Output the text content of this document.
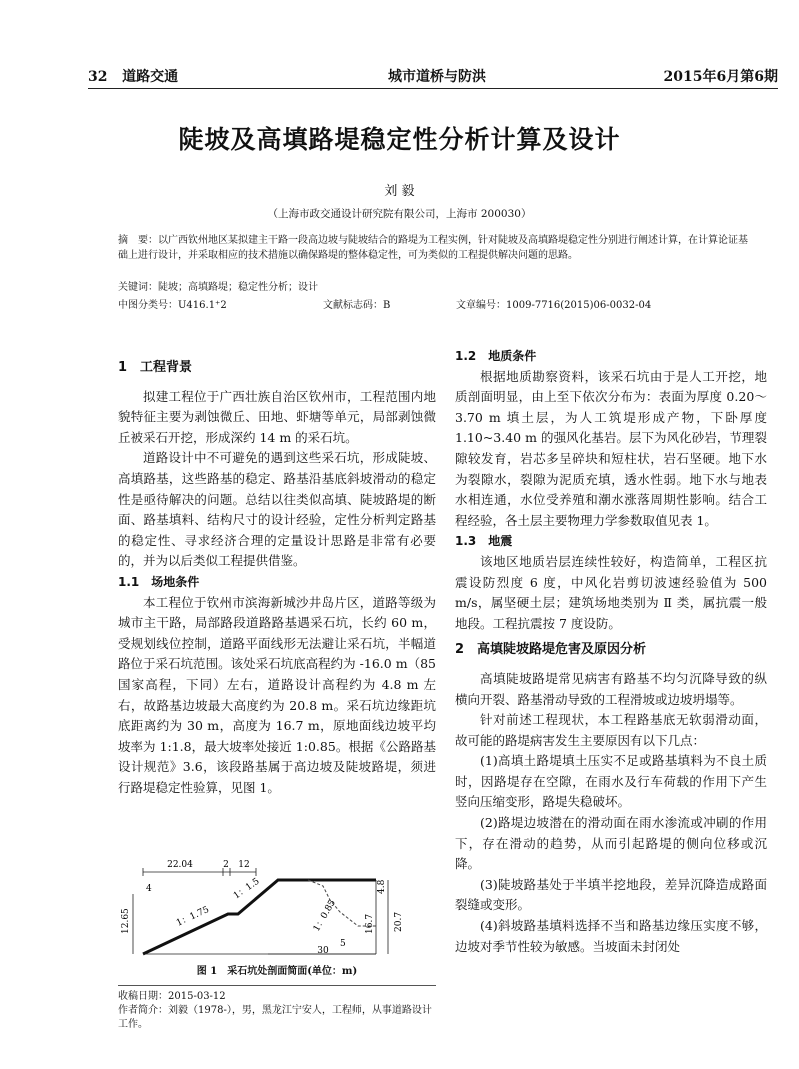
32 道路交通	城市道桥与防洪	2015年6月第6期
陡坡及高填路堤稳定性分析计算及设计
刘 毅
（上海市政交通设计研究院有限公司，上海市 200030）
摘　要：以广西钦州地区某拟建主干路一段高边坡与陡坡结合的路堤为工程实例，针对陡坡及高填路堤稳定性分别进行阐述计算，在计算论证基础上进行设计，并采取相应的技术措施以确保路堤的整体稳定性，可为类似的工程提供解决问题的思路。
关键词：陡坡；高填路堤；稳定性分析；设计
中图分类号：U416.1⁺2	文献标志码：B	文章编号：1009-7716(2015)06-0032-04
1　工程背景

拟建工程位于广西壮族自治区钦州市，工程范围内地貌特征主要为剥蚀微丘、田地、虾塘等单元，局部剥蚀微丘被采石开挖，形成深约 14 m 的采石坑。

道路设计中不可避免的遇到这些采石坑，形成陡坡、高填路基，这些路基的稳定、路基沿基底斜坡滑动的稳定性是亟待解决的问题。总结以往类似高填、陡坡路堤的断面、路基填料、结构尺寸的设计经验，定性分析判定路基的稳定性、寻求经济合理的定量设计思路是非常有必要的，并为以后类似工程提供借鉴。

1.1　场地条件

本工程位于钦州市滨海新城沙井岛片区，道路等级为城市主干路，局部路段道路路基遇采石坑，长约 60 m，受规划线位控制，道路平面线形无法避让采石坑，半幅道路位于采石坑范围。该处采石坑底高程约为 -16.0 m（85 国家高程，下同）左右，道路设计高程约为 4.8 m 左右，故路基边坡最大高度约为 20.8 m。采石坑边缘距坑底距离约为 30 m，高度为 16.7 m，原地面线边坡平均坡率为 1:1.8，最大坡率处接近 1:0.85。根据《公路路基设计规范》3.6，该段路基属于高边坡及陡坡路堤，须进行路堤稳定性验算，见图 1。

22.04	2 12
12.65	1：1.75
1：1.5
1：0.85	16.7 20.7
4.8
4
5
30
图 1　采石坑处剖面简面(单位：m)
收稿日期：2015-03-12
作者简介：刘毅（1978-），男，黑龙江宁安人，工程师，从事道路设计工作。
1.2　地质条件

根据地质勘察资料，该采石坑由于是人工开挖，地质剖面明显，由上至下依次分布为：表面为厚度 0.20～3.70 m 填土层，为人工筑堤形成产物，下卧厚度 1.10~3.40 m 的强风化基岩。层下为风化砂岩，节理裂隙较发育，岩芯多呈碎块和短柱状，岩石坚硬。地下水为裂隙水，裂隙为泥质充填，透水性弱。地下水与地表水相连通，水位受养殖和潮水涨落周期性影响。结合工程经验，各土层主要物理力学参数取值见表 1。

1.3　地震

该地区地质岩层连续性较好，构造简单，工程区抗震设防烈度 6 度，中风化岩剪切波速经验值为 500 m/s，属坚硬土层；建筑场地类别为 Ⅱ 类，属抗震一般地段。工程抗震按 7 度设防。

2　高填陡坡路堤危害及原因分析

高填陡坡路堤常见病害有路基不均匀沉降导致的纵横向开裂、路基滑动导致的工程滑坡或边坡坍塌等。

针对前述工程现状，本工程路基底无软弱滑动面，故可能的路堤病害发生主要原因有以下几点：

(1)高填土路堤填土压实不足或路基填料为不良土质时，因路堤存在空隙，在雨水及行车荷载的作用下产生竖向压缩变形，路堤失稳破坏。

(2)路堤边坡潜在的滑动面在雨水渗流或冲刷的作用下，存在滑动的趋势，从而引起路堤的侧向位移或沉降。

(3)陡坡路基处于半填半挖地段，差异沉降造成路面裂缝或变形。

(4)斜坡路基填料选择不当和路基边缘压实度不够，边坡对季节性较为敏感。当坡面未封闭处
